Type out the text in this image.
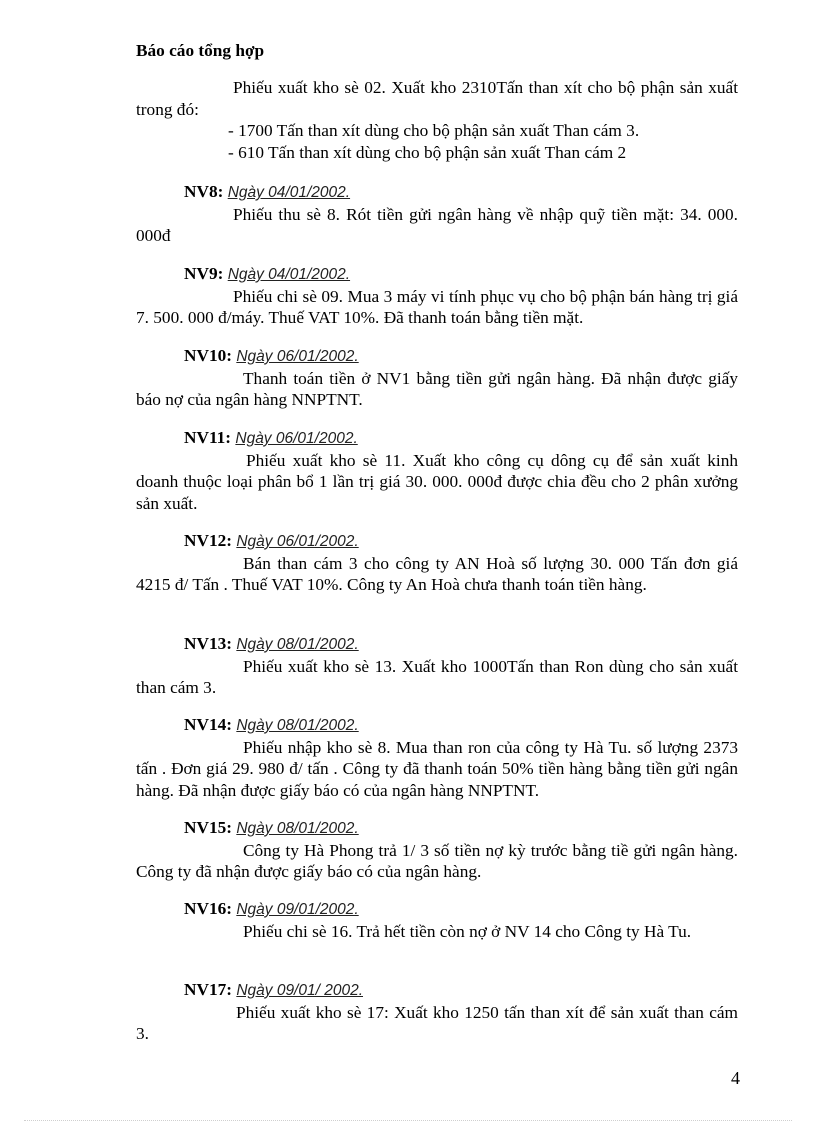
Báo cáo tổng hợp

Phiếu xuất kho sè 02. Xuất kho 2310Tấn than xít cho bộ phận sản xuất trong đó:

- 1700 Tấn than xít dùng cho bộ phận sản xuất Than cám 3.

- 610 Tấn than xít dùng cho bộ phận sản xuất Than cám 2

NV8: Ngày 04/01/2002.

Phiếu thu sè 8. Rót tiền gửi ngân hàng về nhập quỹ tiền mặt: 34. 000. 000đ

NV9: Ngày 04/01/2002.

Phiếu chi sè 09. Mua 3 máy vi tính phục vụ cho bộ phận bán hàng trị giá 7. 500. 000 đ/máy. Thuế VAT 10%. Đã thanh toán bằng tiền mặt.

NV10: Ngày 06/01/2002.

Thanh toán tiền ở NV1 bằng tiền gửi ngân hàng. Đã nhận được giấy báo nợ của ngân hàng NNPTNT.

NV11: Ngày 06/01/2002.

Phiếu xuất kho sè 11. Xuất kho công cụ dông cụ để sản xuất kinh doanh thuộc loại phân bổ 1 lần trị giá 30. 000. 000đ được chia đều cho 2 phân xưởng sản xuất.

NV12: Ngày 06/01/2002.

Bán than cám 3 cho công ty AN Hoà số lượng 30. 000 Tấn đơn giá 4215 đ/ Tấn . Thuế VAT 10%. Công ty An Hoà chưa thanh toán tiền hàng.

NV13: Ngày 08/01/2002.

Phiếu xuất kho sè 13. Xuất kho 1000Tấn than Ron dùng cho sản xuất than cám 3.

NV14: Ngày 08/01/2002.

Phiếu nhập kho sè 8. Mua than ron của công ty Hà Tu. số lượng 2373 tấn . Đơn giá 29. 980 đ/ tấn . Công ty đã thanh toán 50% tiền hàng bằng tiền gửi ngân hàng. Đã nhận được giấy báo có của ngân hàng NNPTNT.

NV15: Ngày 08/01/2002.

Công ty Hà Phong trả 1/ 3 số tiền nợ kỳ trước bằng tiề gửi ngân hàng. Công ty đã nhận được giấy báo có của ngân hàng.

NV16: Ngày 09/01/2002.

Phiếu chi sè 16. Trả hết tiền còn nợ ở NV 14 cho Công ty Hà Tu.

NV17: Ngày 09/01/ 2002.

Phiếu xuất kho sè 17: Xuất kho 1250 tấn than xít để sản xuất than cám 3.

4
